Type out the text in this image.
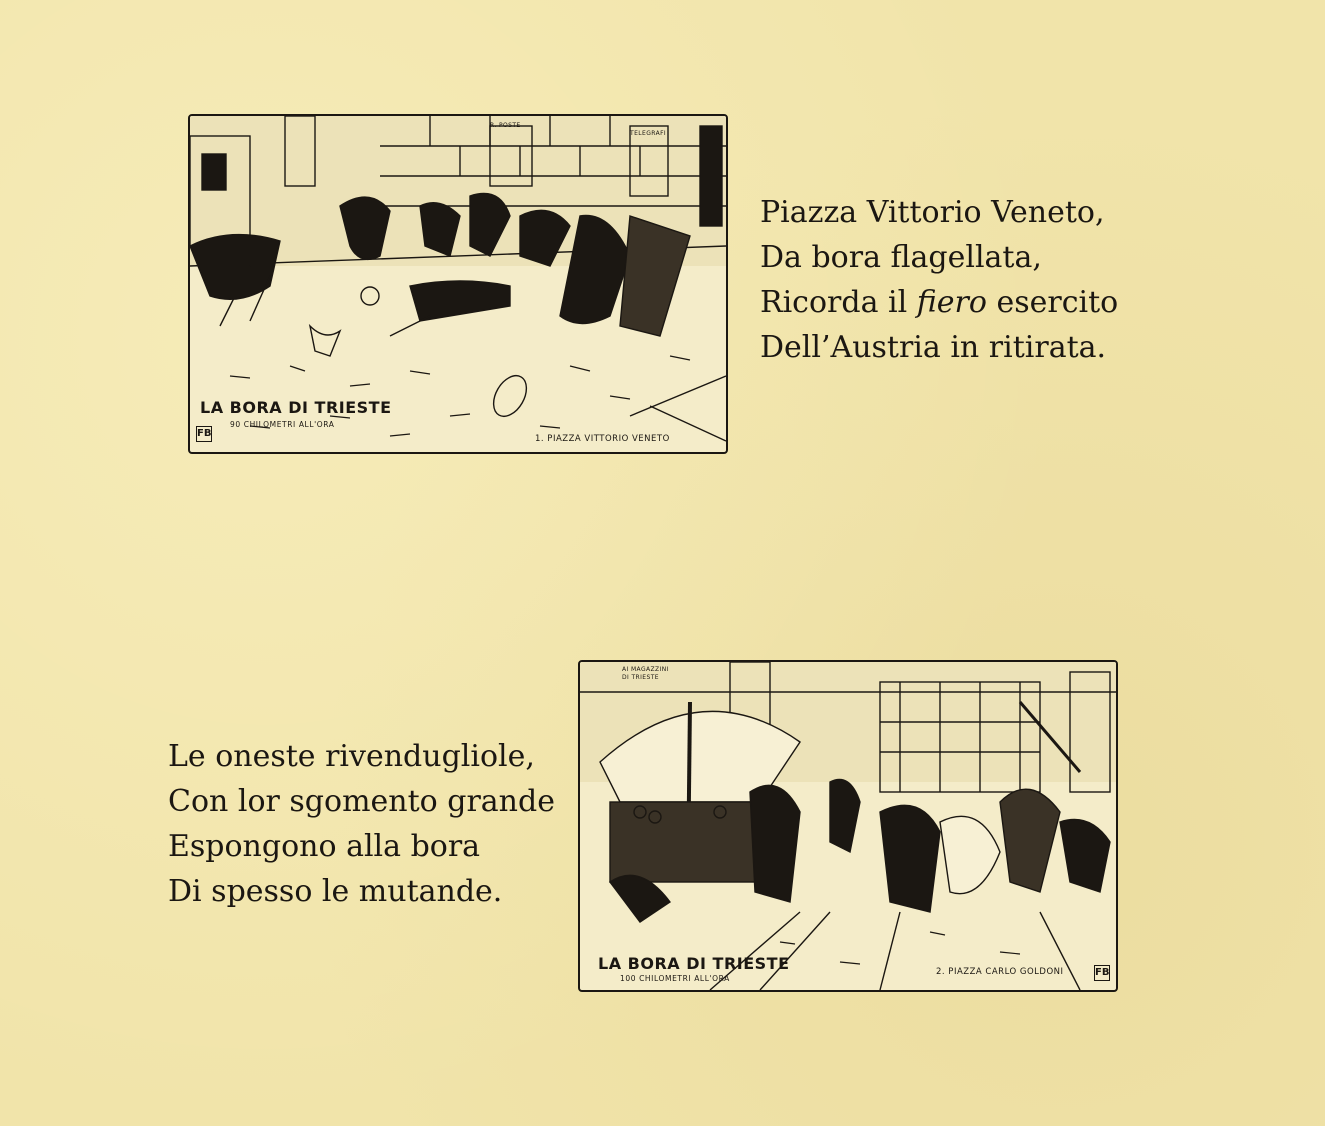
R. POSTE
TELEGRAFI
LA BORA DI TRIESTE
90 CHILOMETRI ALL'ORA
FB	1. PIAZZA VITTORIO VENETO
Piazza Vittorio Veneto,
Da bora flagellata,
Ricorda il fiero esercito
Dell’Austria in ritirata.
AI MAGAZZINI
DI TRIESTE
LA BORA DI TRIESTE
100 CHILOMETRI ALL'ORA
2. PIAZZA CARLO GOLDONI	FB
Le oneste rivendugliole,
Con lor sgomento grande
Espongono alla bora
Di spesso le mutande.
